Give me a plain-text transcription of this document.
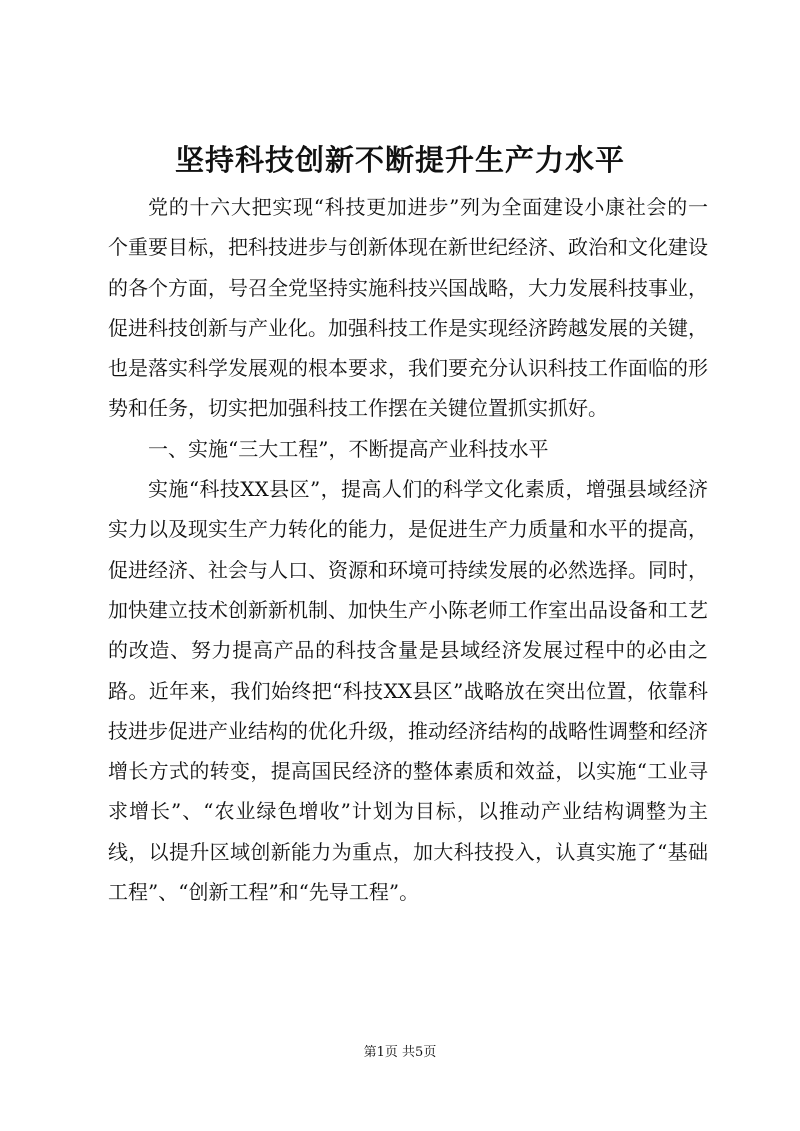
坚持科技创新不断提升生产力水平

党的十六大把实现“科技更加进步”列为全面建设小康社会的一个重要目标，把科技进步与创新体现在新世纪经济、政治和文化建设的各个方面，号召全党坚持实施科技兴国战略，大力发展科技事业，促进科技创新与产业化。加强科技工作是实现经济跨越发展的关键，也是落实科学发展观的根本要求，我们要充分认识科技工作面临的形势和任务，切实把加强科技工作摆在关键位置抓实抓好。

一、实施“三大工程”，不断提高产业科技水平

实施“科技XX县区”，提高人们的科学文化素质，增强县域经济实力以及现实生产力转化的能力，是促进生产力质量和水平的提高，促进经济、社会与人口、资源和环境可持续发展的必然选择。同时，加快建立技术创新新机制、加快生产小陈老师工作室出品设备和工艺的改造、努力提高产品的科技含量是县域经济发展过程中的必由之路。近年来，我们始终把“科技XX县区”战略放在突出位置，依靠科技进步促进产业结构的优化升级，推动经济结构的战略性调整和经济增长方式的转变，提高国民经济的整体素质和效益，以实施“工业寻求增长”、“农业绿色增收”计划为目标，以推动产业结构调整为主线，以提升区域创新能力为重点，加大科技投入，认真实施了“基础工程”、“创新工程”和“先导工程”。

第1页 共5页
